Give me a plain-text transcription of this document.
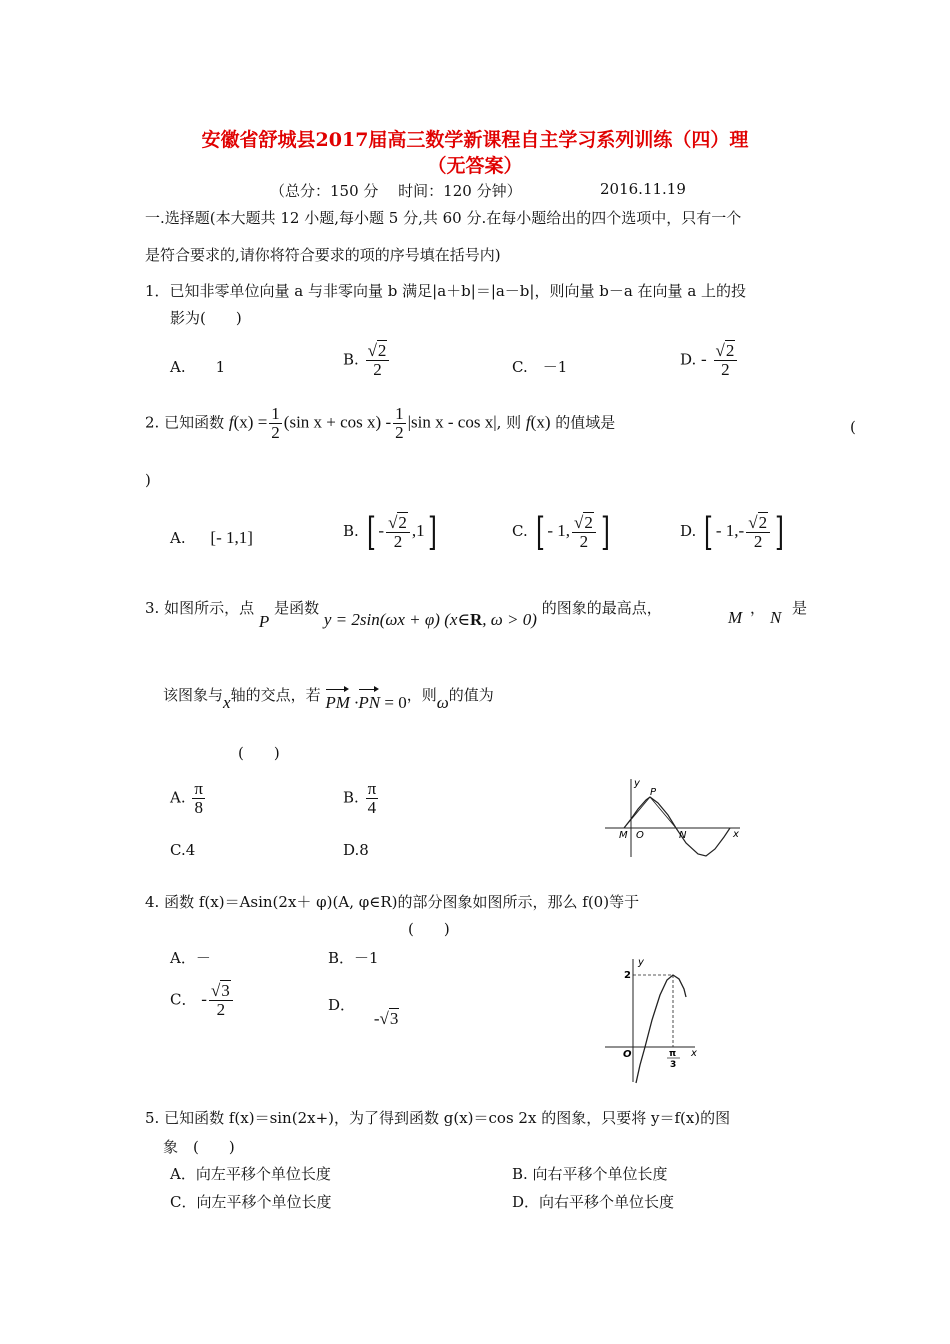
安徽省舒城县2017届高三数学新课程自主学习系列训练（四）理
（无答案）
（总分：150 分　 时间：120 分钟）	2016.11.19
一.选择题(本大题共 12 小题,每小题 5 分,共 60 分.在每小题给出的四个选项中，只有一个
是符合要求的,请你将符合要求的项的序号填在括号内)
1．已知非零单位向量 a 与非零向量 b 满足|a＋b|＝|a－b|，则向量 b－a 在向量 a 上的投
影为(　　)
A.　　1	B. $\frac{√2}{2}$	C.　－1	D. - $\frac{√2}{2}$
2. 已知函数 $f(x) = \frac{1}{2} (\sin$ $x + \cos x) - \frac{1}{2} |\sin$ x - cos x|, 则 f(x) 的值域是	(
)
A. [- 1,1]	B. [ - $\frac{√2}{2} ,1$]	C. [ - 1, $\frac{√2}{2}$ ]	D. [ - $1,- \frac{√2}{2}$ ]
3. 如图所示，点 P 是函数 y = 2sin(ωx + φ) (x∈R, ω > 0) 的图象的最高点，	M ， N 是
该图象与x轴的交点，若 PM ·PN = 0，则ω的值为
(　　)
A. $\frac{\pi}{8}$	B. $\frac{\pi}{4}$
C.4	D.8
y
P
M O	N	x
4. 函数 f(x)＝Asin(2x＋ φ)(A, φ∈R)的部分图象如图所示，那么 f(0)等于
(　　)
A．－	B．－1
C． - $\frac{√3}{2}$	D． -√3
y
2
O	π
3
x
5. 已知函数 f(x)＝sin(2x+)，为了得到函数 g(x)＝cos 2x 的图象，只要将 y＝f(x)的图
象　(　　)
A．向左平移个单位长度	B. 向右平移个单位长度
C．向左平移个单位长度	D．向右平移个单位长度
